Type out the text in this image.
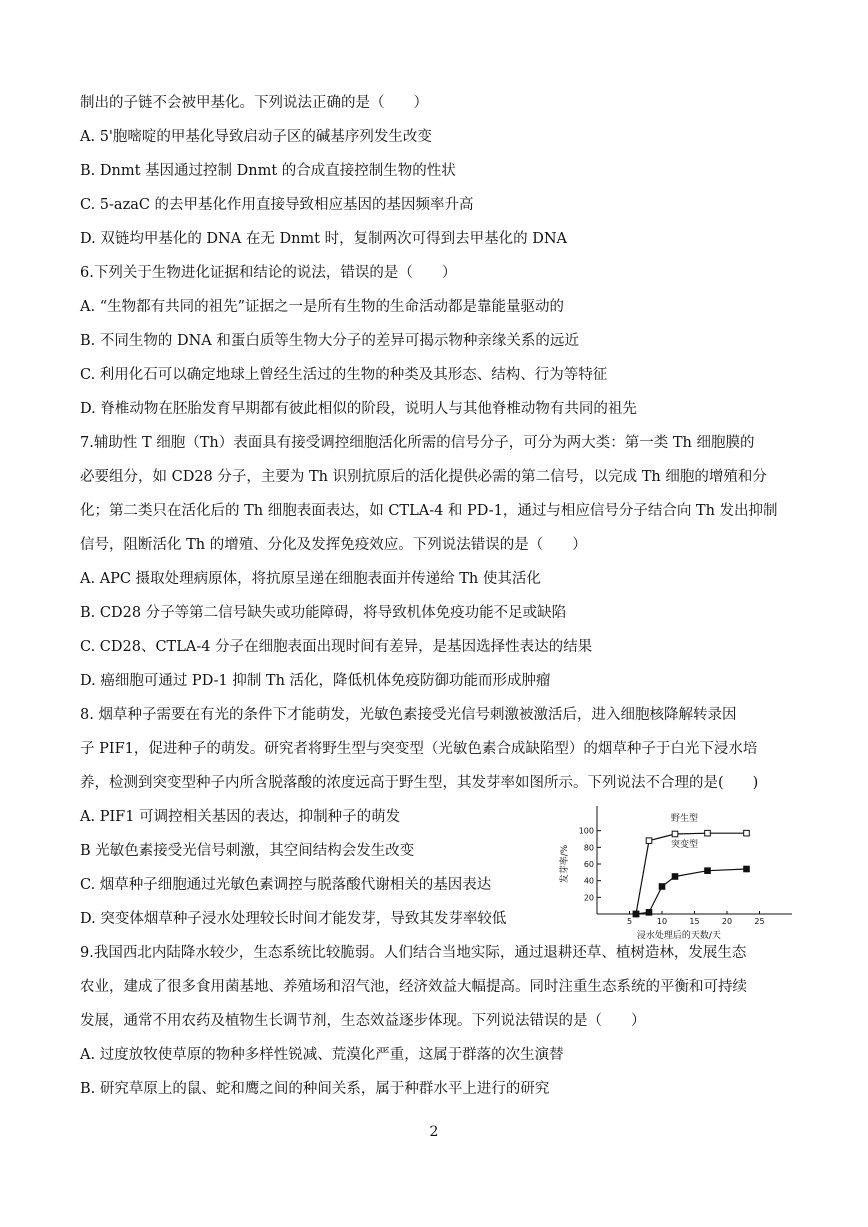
制出的子链不会被甲基化。下列说法正确的是（　　）
A. 5'胞嘧啶的甲基化导致启动子区的碱基序列发生改变
B. Dnmt 基因通过控制 Dnmt 的合成直接控制生物的性状
C. 5-azaC 的去甲基化作用直接导致相应基因的基因频率升高
D. 双链均甲基化的 DNA 在无 Dnmt 时，复制两次可得到去甲基化的 DNA
6.下列关于生物进化证据和结论的说法，错误的是（　　）
A. “生物都有共同的祖先”证据之一是所有生物的生命活动都是靠能量驱动的
B. 不同生物的 DNA 和蛋白质等生物大分子的差异可揭示物种亲缘关系的远近
C. 利用化石可以确定地球上曾经生活过的生物的种类及其形态、结构、行为等特征
D. 脊椎动物在胚胎发育早期都有彼此相似的阶段，说明人与其他脊椎动物有共同的祖先
7.辅助性 T 细胞（Th）表面具有接受调控细胞活化所需的信号分子，可分为两大类：第一类 Th 细胞膜的
必要组分，如 CD28 分子，主要为 Th 识别抗原后的活化提供必需的第二信号，以完成 Th 细胞的增殖和分
化；第二类只在活化后的 Th 细胞表面表达，如 CTLA-4 和 PD-1，通过与相应信号分子结合向 Th 发出抑制
信号，阻断活化 Th 的增殖、分化及发挥免疫效应。下列说法错误的是（　　）
A. APC 摄取处理病原体，将抗原呈递在细胞表面并传递给 Th 使其活化
B. CD28 分子等第二信号缺失或功能障碍，将导致机体免疫功能不足或缺陷
C. CD28、CTLA-4 分子在细胞表面出现时间有差异，是基因选择性表达的结果
D. 癌细胞可通过 PD-1 抑制 Th 活化，降低机体免疫防御功能而形成肿瘤
8. 烟草种子需要在有光的条件下才能萌发，光敏色素接受光信号刺激被激活后，进入细胞核降解转录因
子 PIF1，促进种子的萌发。研究者将野生型与突变型（光敏色素合成缺陷型）的烟草种子于白光下浸水培
养，检测到突变型种子内所含脱落酸的浓度远高于野生型，其发芽率如图所示。下列说法不合理的是(　　)
A. PIF1 可调控相关基因的表达，抑制种子的萌发
B 光敏色素接受光信号刺激，其空间结构会发生改变
C. 烟草种子细胞通过光敏色素调控与脱落酸代谢相关的基因表达
D. 突变体烟草种子浸水处理较长时间才能发芽，导致其发芽率较低
9.我国西北内陆降水较少，生态系统比较脆弱。人们结合当地实际，通过退耕还草、植树造林，发展生态
农业，建成了很多食用菌基地、养殖场和沼气池，经济效益大幅提高。同时注重生态系统的平衡和可持续
发展，通常不用农药及植物生长调节剂，生态效益逐步体现。下列说法错误的是（　　）
A. 过度放牧使草原的物种多样性锐减、荒漠化严重，这属于群落的次生演替
B. 研究草原上的鼠、蛇和鹰之间的种间关系，属于种群水平上进行的研究
20
40
60
80
100
5	10	15	20	25
浸水处理后的天数/天
发芽率/%
野生型
突变型
2
